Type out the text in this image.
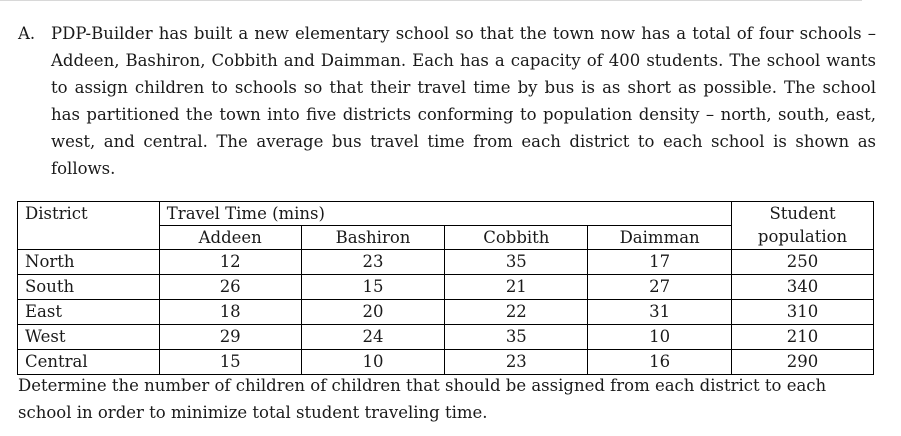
A. PDP-Builder has built a new elementary school so that the town now has a total of four schools – Addeen, Bashiron, Cobbith and Daimman. Each has a capacity of 400 students. The school wants to assign children to schools so that their travel time by bus is as short as possible. The school has partitioned the town into five districts conforming to population density – north, south, east, west, and central. The average bus travel time from each district to each school is shown as follows.
District	Travel Time (mins)				Student population

	Addeen	Bashiron	Cobbith	Daimman	
North	12	23	35	17	250
South	26	15	21	27	340
East	18	20	22	31	310
West	29	24	35	10	210
Central	15	10	23	16	290
Determine the number of children of children that should be assigned from each district to each school in order to minimize total student traveling time.
